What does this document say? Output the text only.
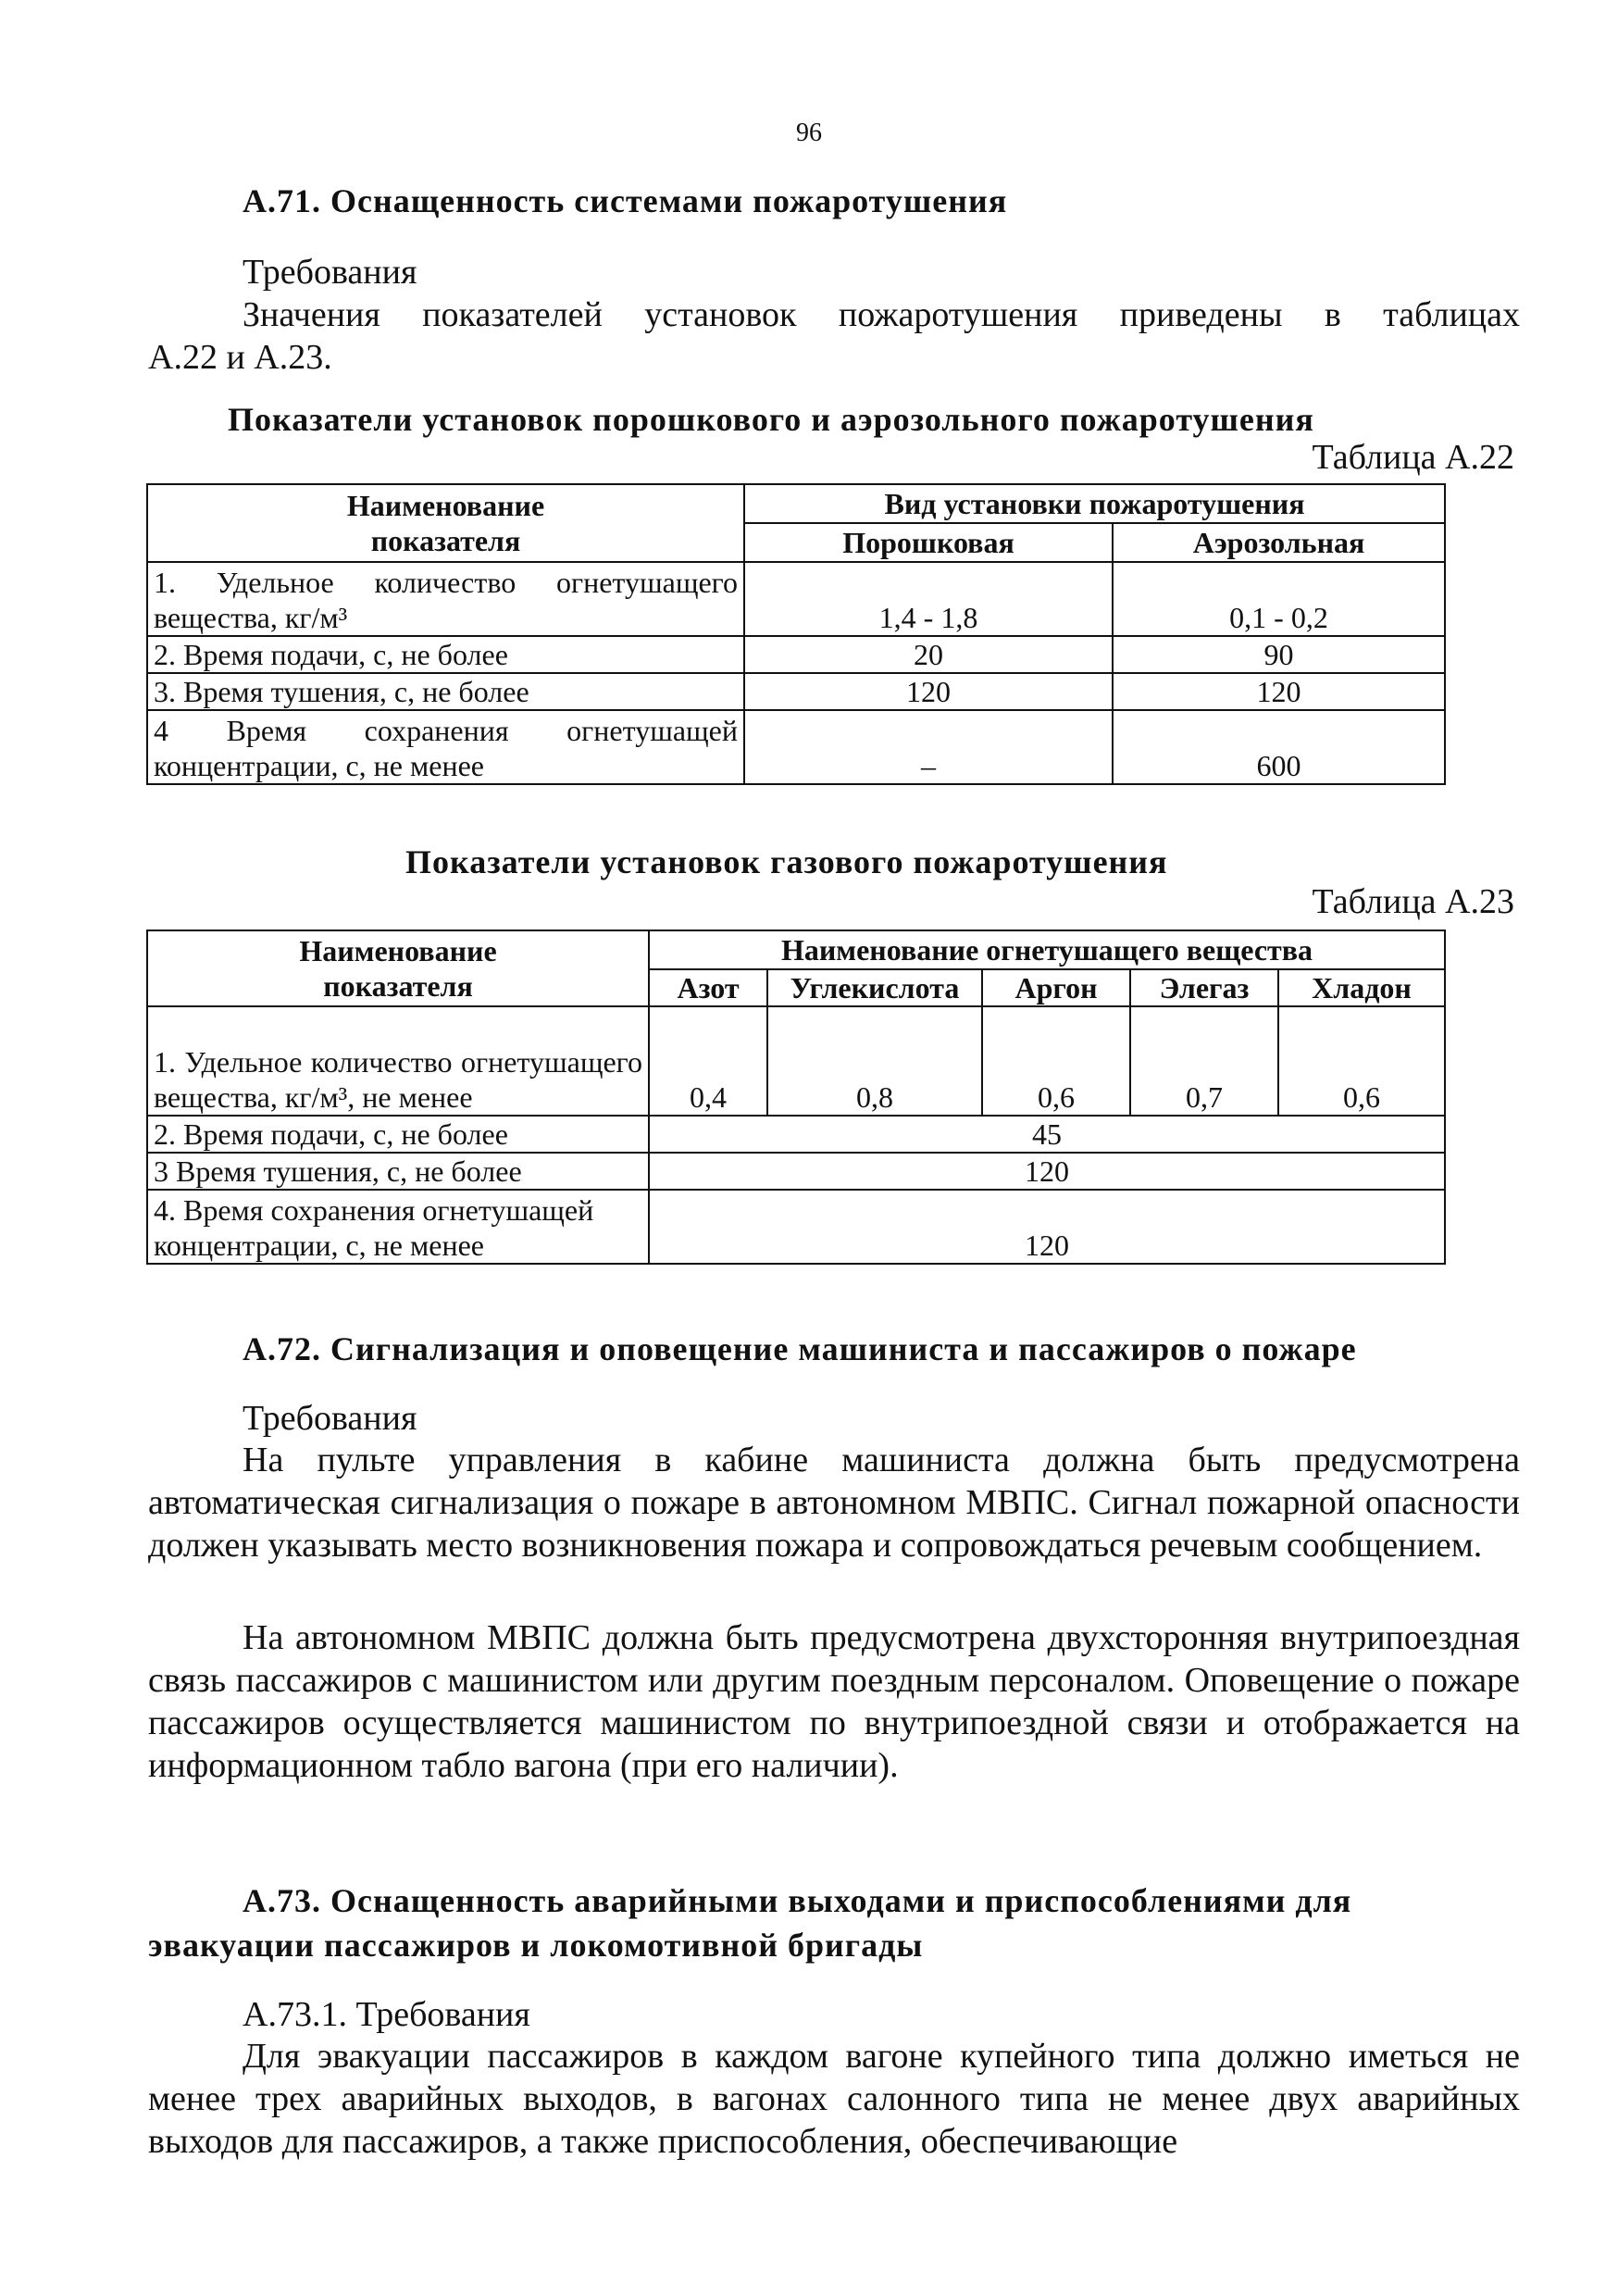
96
А.71. Оснащенность системами пожаротушения
Требования
Значения показателей установок пожаротушения приведены в таблицах
А.22 и А.23.
Показатели установок порошкового и аэрозольного пожаротушения
Таблица А.22
Наименование
показателя	Вид установки пожаротушения	
	Порошковая	Аэрозольная
1. Удельное количество огнетушащего вещества, кг/м³	1,4 - 1,8	0,1 - 0,2
2. Время подачи, с, не более	20	90
3. Время тушения, с, не более	120	120
4 Время сохранения огнетушащей концентрации, с, не менее	–	600
Показатели установок газового пожаротушения
Таблица А.23
Наименование
показателя	Наименование огнетушащего вещества				
	Азот	Углекислота	Аргон	Элегаз	Хладон
1. Удельное количество огнетушащего вещества, кг/м³, не менее	0,4	0,8	0,6	0,7	0,6
2. Время подачи, с, не более	45				
3 Время тушения, с, не более	120				
4. Время сохранения огнетушащей концентрации, с, не менее	120				
А.72. Сигнализация и оповещение машиниста и пассажиров о пожаре
Требования
На пульте управления в кабине машиниста должна быть предусмотрена автоматическая сигнализация о пожаре в автономном МВПС. Сигнал пожарной опасности должен указывать место возникновения пожара и сопровождаться речевым сообщением.
На автономном МВПС должна быть предусмотрена двухсторонняя внутрипоездная связь пассажиров с машинистом или другим поездным персоналом. Оповещение о пожаре пассажиров осуществляется машинистом по внутрипоездной связи и отображается на информационном табло вагона (при его наличии).
А.73. Оснащенность аварийными выходами и приспособлениями для
эвакуации пассажиров и локомотивной бригады
А.73.1. Требования
Для эвакуации пассажиров в каждом вагоне купейного типа должно иметься не менее трех аварийных выходов, в вагонах салонного типа не менее двух аварийных выходов для пассажиров, а также приспособления, обеспечивающие
